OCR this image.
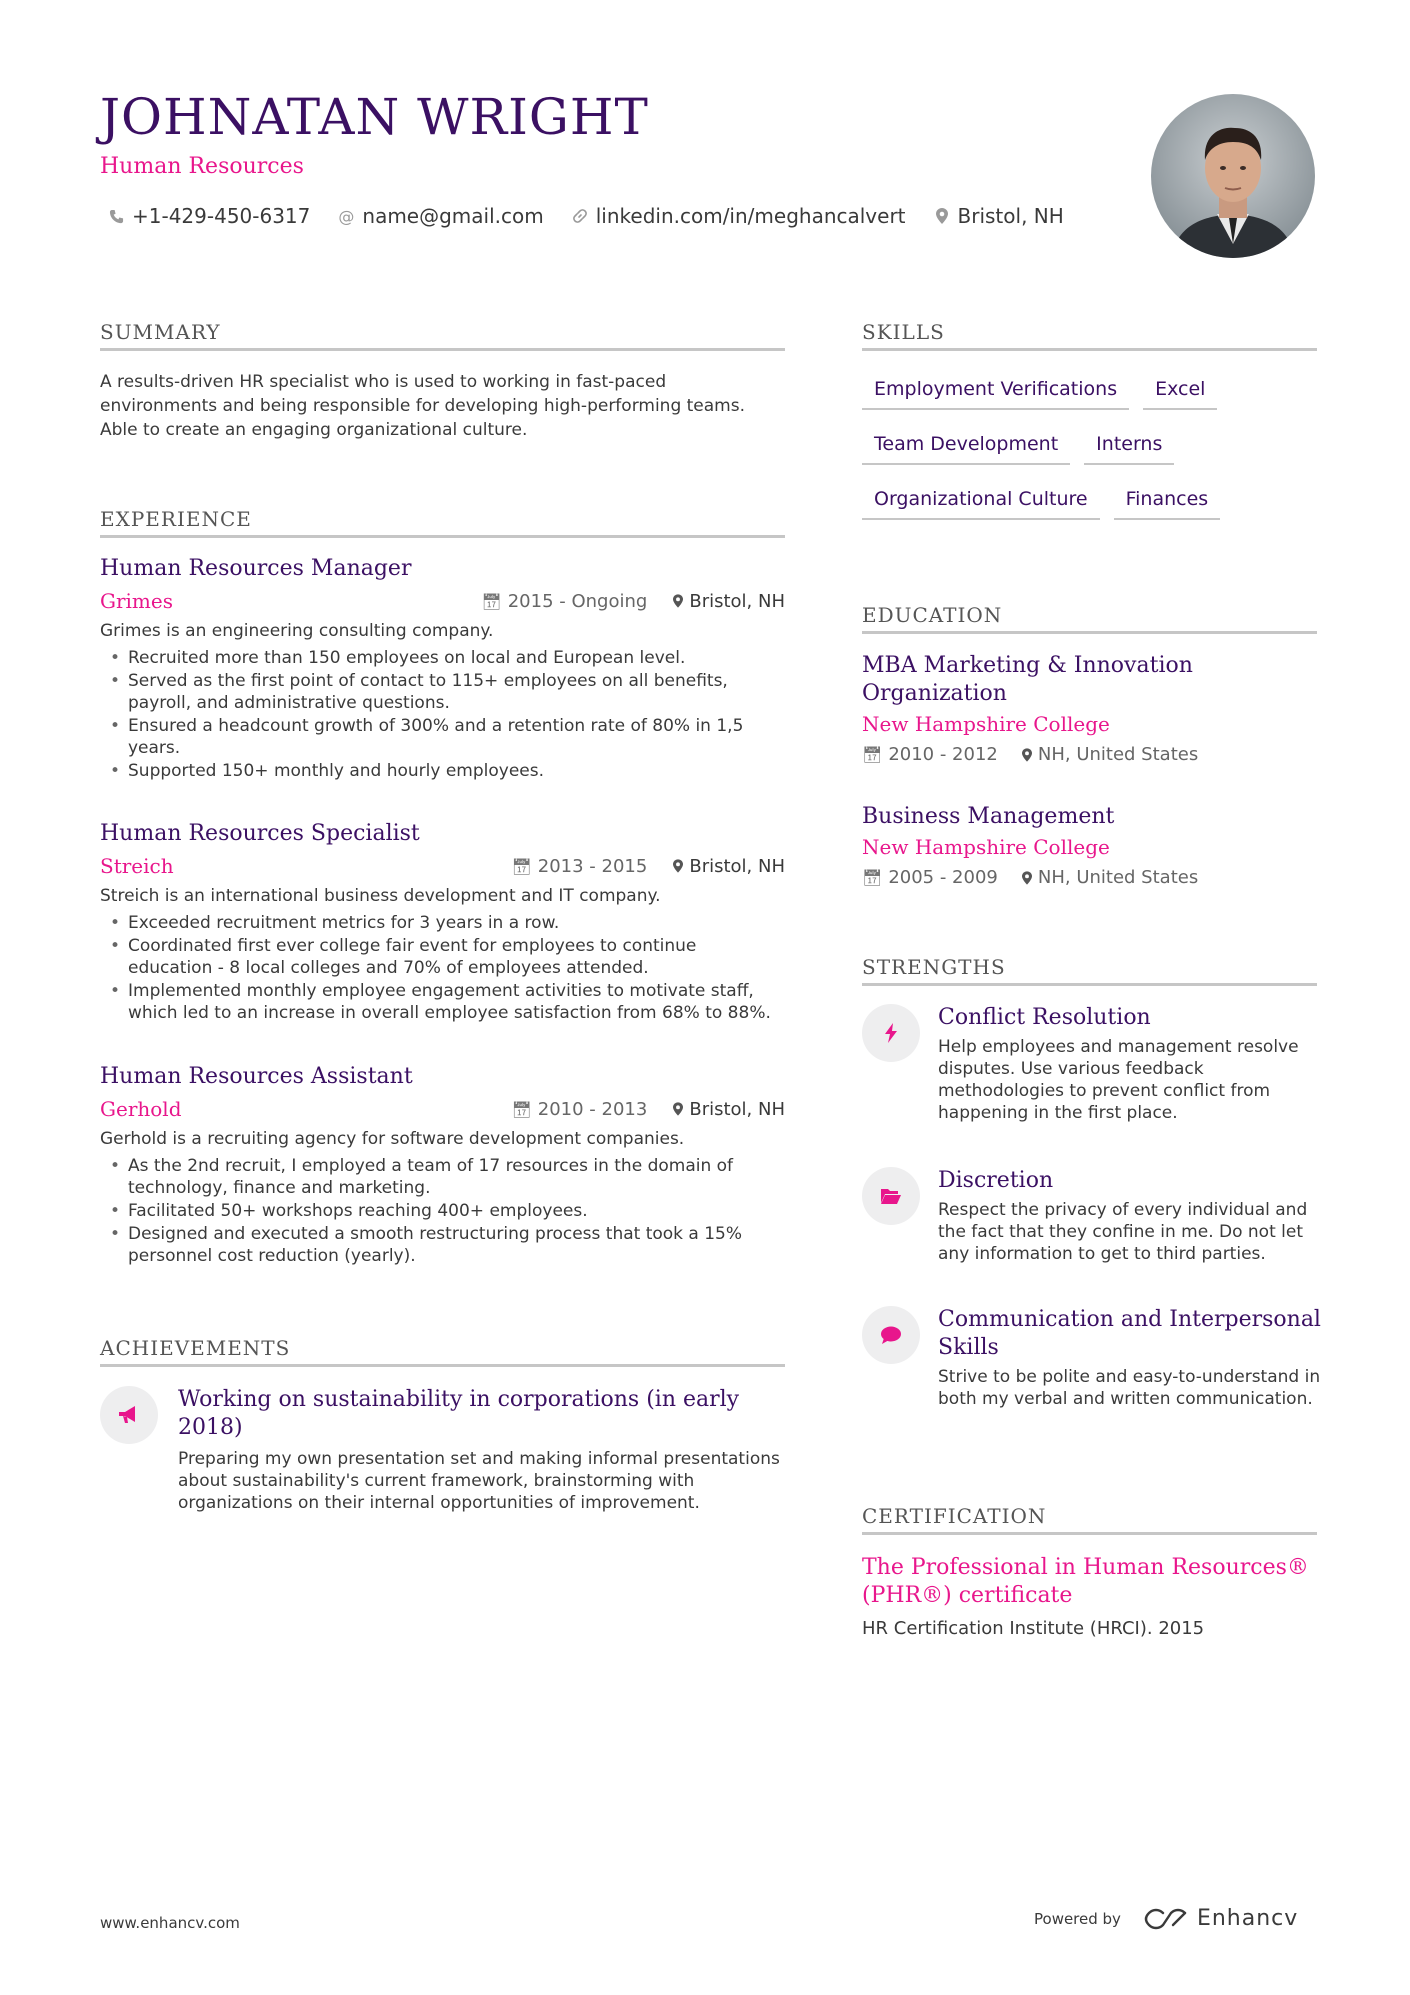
JOHNATAN WRIGHT
Human Resources
+1-429-450-6317 @ name@gmail.com	linkedin.com/in/meghancalvert	Bristol, NH
SUMMARY
A results-driven HR specialist who is used to working in fast-paced environments and being responsible for developing high-performing teams. Able to create an engaging organizational culture.
EXPERIENCE
Human Resources Manager
Grimes	📅︎ 2015 - Ongoing Bristol, NH
Grimes is an engineering consulting company.
• Recruited more than 150 employees on local and European level.
• Served as the first point of contact to 115+ employees on all benefits, payroll, and administrative questions.
• Ensured a headcount growth of 300% and a retention rate of 80% in 1,5 years.
• Supported 150+ monthly and hourly employees.
Human Resources Specialist
Streich	📅︎ 2013 - 2015 Bristol, NH
Streich is an international business development and IT company.
• Exceeded recruitment metrics for 3 years in a row.
• Coordinated first ever college fair event for employees to continue education - 8 local colleges and 70% of employees attended.
• Implemented monthly employee engagement activities to motivate staff, which led to an increase in overall employee satisfaction from 68% to 88%.
Human Resources Assistant
Gerhold	📅︎ 2010 - 2013 Bristol, NH
Gerhold is a recruiting agency for software development companies.
• As the 2nd recruit, I employed a team of 17 resources in the domain of technology, finance and marketing.
• Facilitated 50+ workshops reaching 400+ employees.
• Designed and executed a smooth restructuring process that took a 15% personnel cost reduction (yearly).
ACHIEVEMENTS
Working on sustainability in corporations (in early 2018)
Preparing my own presentation set and making informal presentations about sustainability's current framework, brainstorming with organizations on their internal opportunities of improvement.
SKILLS
Employment Verifications	Excel
Team Development	Interns
Organizational Culture	Finances
EDUCATION
MBA Marketing & Innovation Organization
New Hampshire College
📅︎ 2010 - 2012 NH, United States
Business Management
New Hampshire College
📅︎ 2005 - 2009 NH, United States
STRENGTHS
Conflict Resolution
Help employees and management resolve disputes. Use various feedback methodologies to prevent conflict from happening in the first place.
Discretion
Respect the privacy of every individual and the fact that they confine in me. Do not let any information to get to third parties.
Communication and Interpersonal Skills
Strive to be polite and easy-to-understand in both my verbal and written communication.
CERTIFICATION
The Professional in Human Resources® (PHR®) certificate
HR Certification Institute (HRCI). 2015
www.enhancv.com	Powered by	Enhancv
